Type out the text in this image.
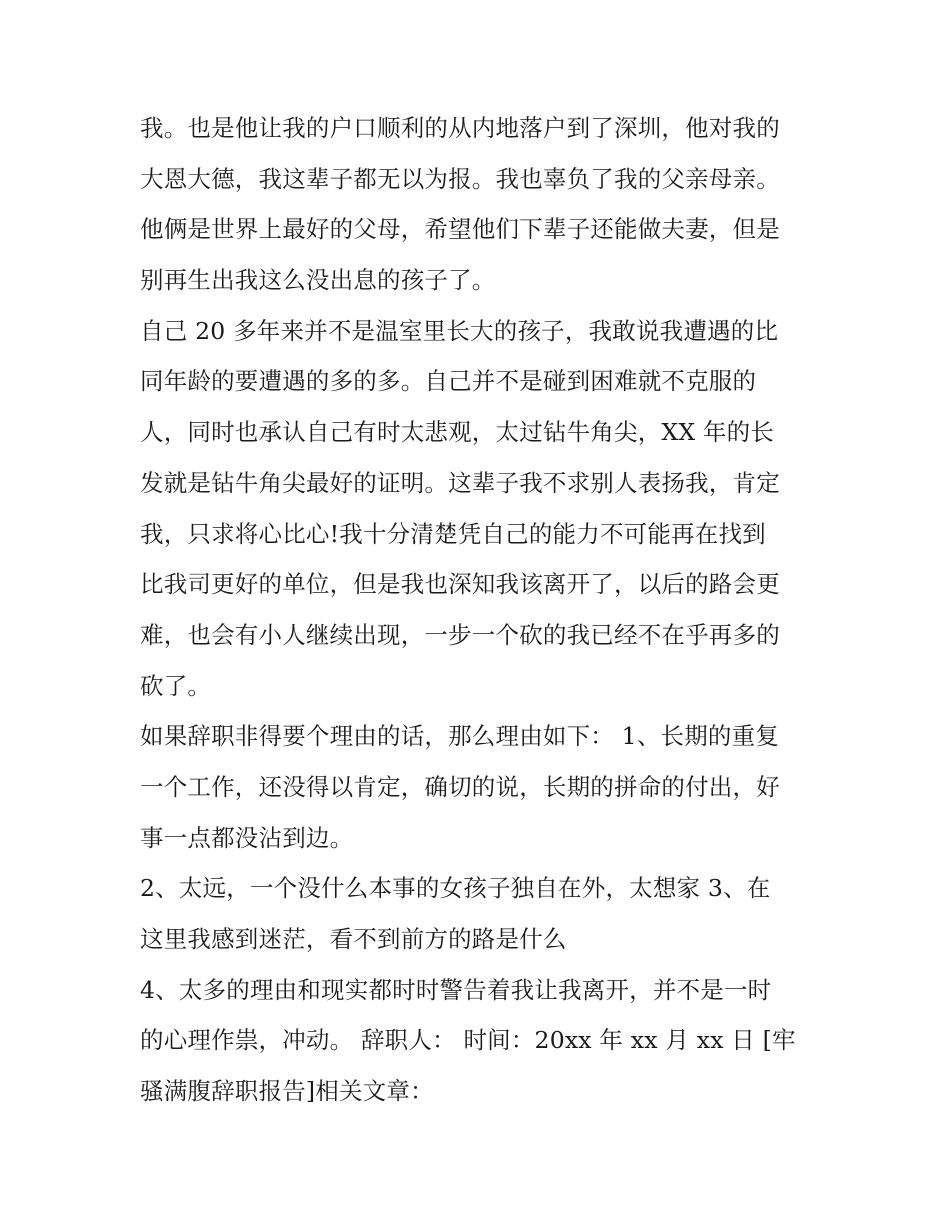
我。也是他让我的户口顺利的从内地落户到了深圳，他对我的
大恩大德，我这辈子都无以为报。我也辜负了我的父亲母亲。
他俩是世界上最好的父母，希望他们下辈子还能做夫妻，但是
别再生出我这么没出息的孩子了。
自己 20 多年来并不是温室里长大的孩子，我敢说我遭遇的比
同年龄的要遭遇的多的多。自己并不是碰到困难就不克服的
人，同时也承认自己有时太悲观，太过钻牛角尖，XX 年的长
发就是钻牛角尖最好的证明。这辈子我不求别人表扬我，肯定
我，只求将心比心!我十分清楚凭自己的能力不可能再在找到
比我司更好的单位，但是我也深知我该离开了，以后的路会更
难，也会有小人继续出现，一步一个砍的我已经不在乎再多的
砍了。
如果辞职非得要个理由的话，那么理由如下： 1、长期的重复
一个工作，还没得以肯定，确切的说，长期的拼命的付出，好
事一点都没沾到边。
2、太远，一个没什么本事的女孩子独自在外，太想家 3、在
这里我感到迷茫，看不到前方的路是什么
4、太多的理由和现实都时时警告着我让我离开，并不是一时
的心理作祟，冲动。 辞职人： 时间：20xx 年 xx 月 xx 日 [牢
骚满腹辞职报告]相关文章：
